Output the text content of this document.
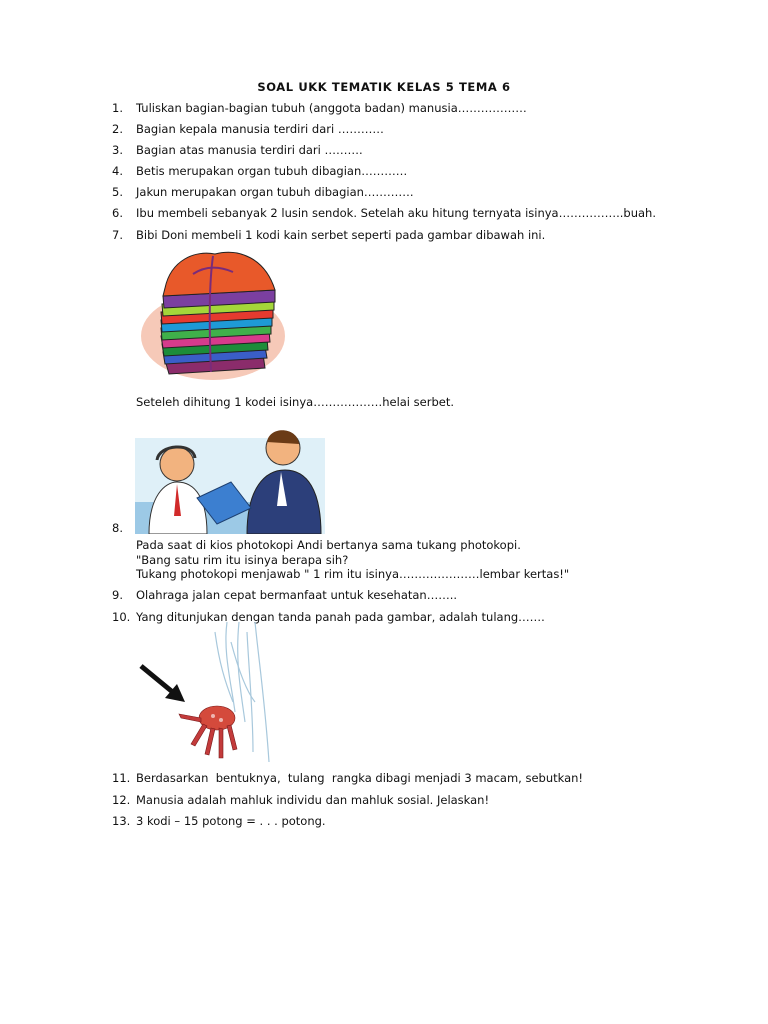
SOAL UKK TEMATIK KELAS 5 TEMA 6
1. Tuliskan bagian-bagian tubuh (anggota badan) manusia………………
2. Bagian kepala manusia terdiri dari …………
3. Bagian atas manusia terdiri dari ……….
4. Betis merupakan organ tubuh dibagian…………
5. Jakun merupakan organ tubuh dibagian………….
6. Ibu membeli sebanyak 2 lusin sendok. Setelah aku hitung ternyata isinya……………..buah.
7. Bibi Doni membeli 1 kodi kain serbet seperti pada gambar dibawah ini.
Seteleh dihitung 1 kodei isinya………………helai serbet.
8.
Pada saat di kios photokopi Andi bertanya sama tukang photokopi.
"Bang satu rim itu isinya berapa sih?
Tukang photokopi menjawab " 1 rim itu isinya…………………lembar kertas!"
9.Olahraga jalan cepat bermanfaat untuk kesehatan……..
10. Yang ditunjukan dengan tanda panah pada gambar, adalah tulang…….
11. Berdasarkan  bentuknya,  tulang  rangka dibagi menjadi 3 macam, sebutkan!
12. Manusia adalah mahluk individu dan mahluk sosial. Jelaskan!
13. 3 kodi – 15 potong = . . . potong.
